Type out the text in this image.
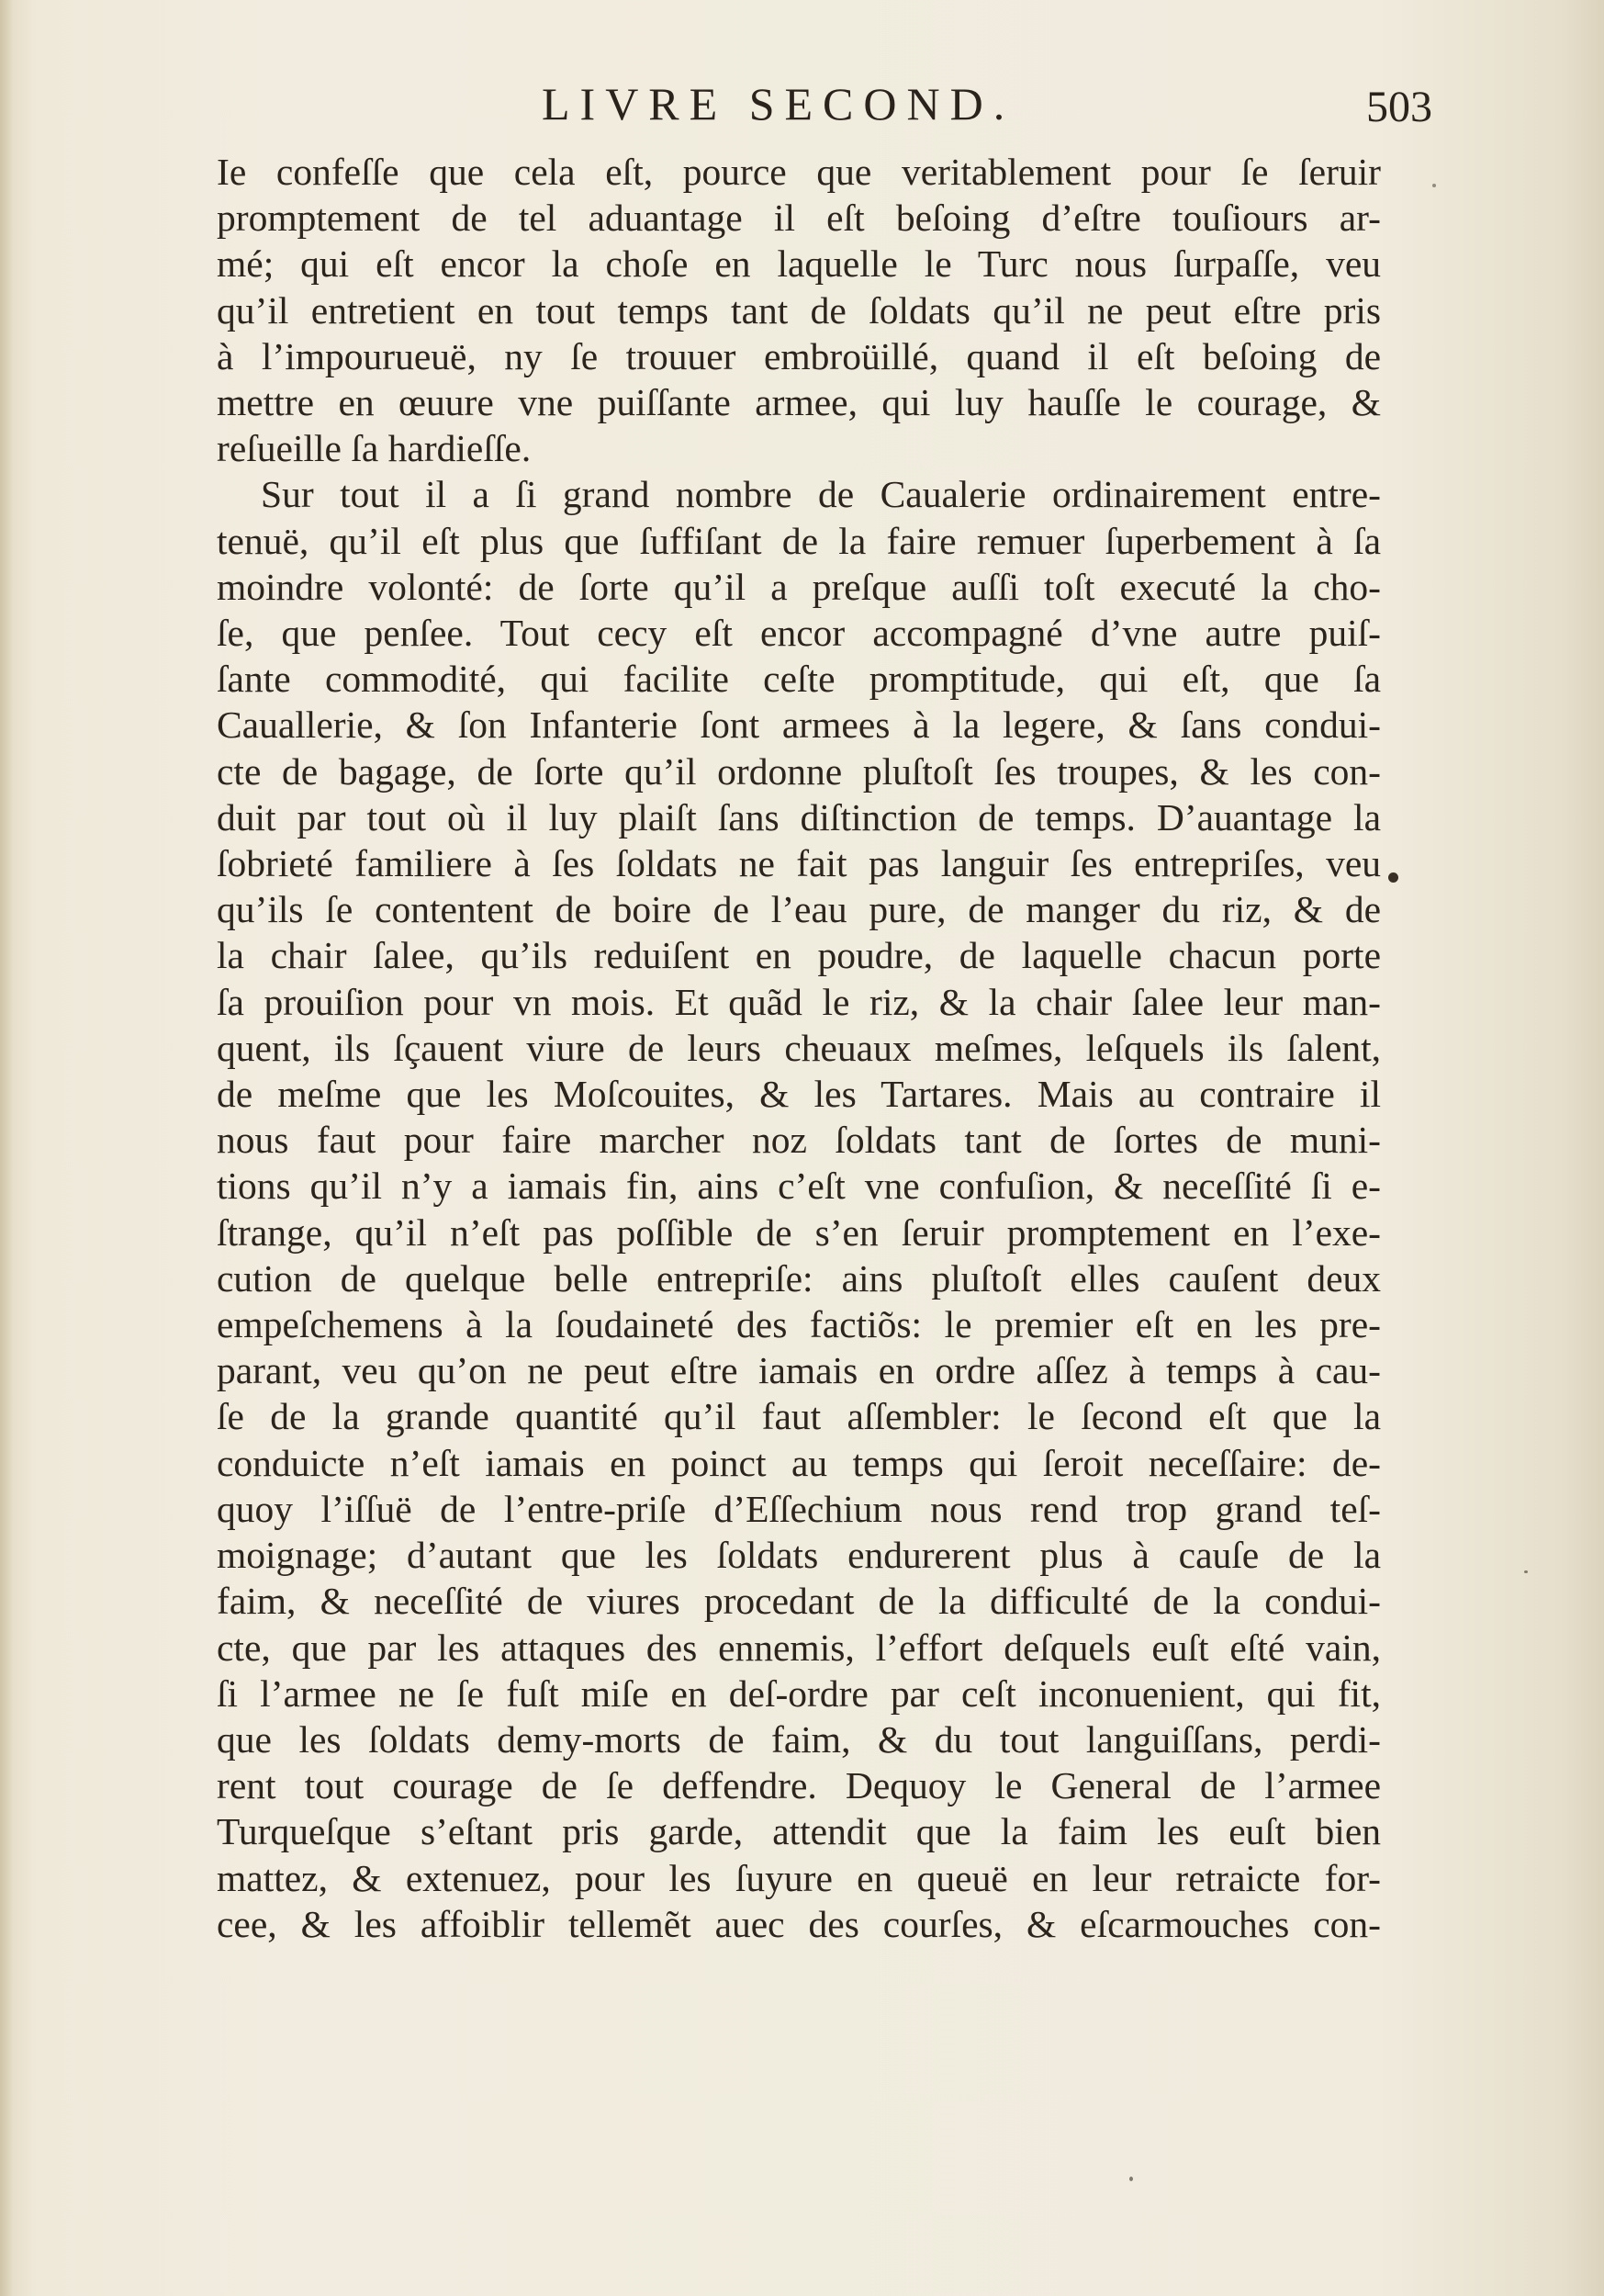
LIVRE SECOND.	503
Ie confeſſe que cela eſt, pource que veritablement pour ſe ſeruir
promptement de tel aduantage il eſt beſoing d’eſtre touſiours ar-
mé; qui eſt encor la choſe en laquelle le Turc nous ſurpaſſe, veu
qu’il entretient en tout temps tant de ſoldats qu’il ne peut eſtre pris
à l’impourueuë, ny ſe trouuer embroüillé, quand il eſt beſoing de
mettre en œuure vne puiſſante armee, qui luy hauſſe le courage, &
reſueille ſa hardieſſe.
Sur tout il a ſi grand nombre de Caualerie ordinairement entre-
tenuë, qu’il eſt plus que ſuffiſant de la faire remuer ſuperbement à ſa
moindre volonté: de ſorte qu’il a preſque auſſi toſt executé la cho-
ſe, que penſee. Tout cecy eſt encor accompagné d’vne autre puiſ-
ſante commodité, qui facilite ceſte promptitude, qui eſt, que ſa
Cauallerie, & ſon Infanterie ſont armees à la legere, & ſans condui-
cte de bagage, de ſorte qu’il ordonne pluſtoſt ſes troupes, & les con-
duit par tout où il luy plaiſt ſans diſtinction de temps. D’auantage la
ſobrieté familiere à ſes ſoldats ne fait pas languir ſes entrepriſes, veu
qu’ils ſe contentent de boire de l’eau pure, de manger du riz, & de
la chair ſalee, qu’ils reduiſent en poudre, de laquelle chacun porte
ſa prouiſion pour vn mois. Et quãd le riz, & la chair ſalee leur man-
quent, ils ſçauent viure de leurs cheuaux meſmes, leſquels ils ſalent,
de meſme que les Moſcouites, & les Tartares. Mais au contraire il
nous faut pour faire marcher noz ſoldats tant de ſortes de muni-
tions qu’il n’y a iamais fin, ains c’eſt vne confuſion, & neceſſité ſi e-
ſtrange, qu’il n’eſt pas poſſible de s’en ſeruir promptement en l’exe-
cution de quelque belle entrepriſe: ains pluſtoſt elles cauſent deux
empeſchemens à la ſoudaineté des factiõs: le premier eſt en les pre-
parant, veu qu’on ne peut eſtre iamais en ordre aſſez à temps à cau-
ſe de la grande quantité qu’il faut aſſembler: le ſecond eſt que la
conduicte n’eſt iamais en poinct au temps qui ſeroit neceſſaire: de-
quoy l’iſſuë de l’entre-priſe d’Eſſechium nous rend trop grand teſ-
moignage; d’autant que les ſoldats endurerent plus à cauſe de la
faim, & neceſſité de viures procedant de la difficulté de la condui-
cte, que par les attaques des ennemis, l’effort deſquels euſt eſté vain,
ſi l’armee ne ſe fuſt miſe en deſ-ordre par ceſt inconuenient, qui fit,
que les ſoldats demy-morts de faim, & du tout languiſſans, perdi-
rent tout courage de ſe deffendre. Dequoy le General de l’armee
Turqueſque s’eſtant pris garde, attendit que la faim les euſt bien
mattez, & extenuez, pour les ſuyure en queuë en leur retraicte for-
cee, & les affoiblir tellemẽt auec des courſes, & eſcarmouches con-
